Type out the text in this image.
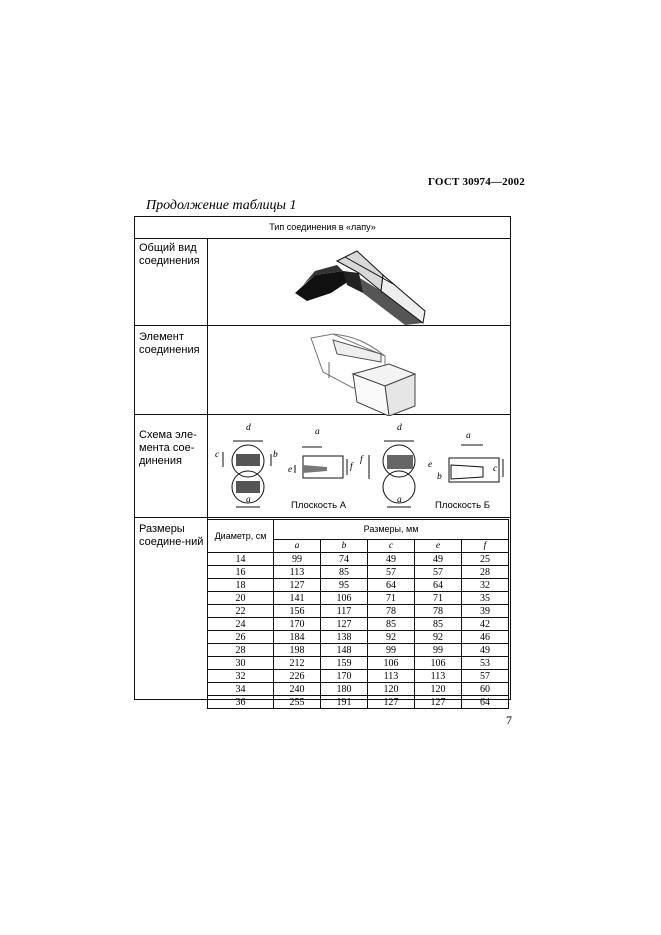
ГОСТ 30974—2002
Продолжение таблицы 1
Тип соединения в «лапу»
Общий вид соединения
Элемент соединения
Схема эле-мента сое-динения
d
c	b
a
a
e	f
d
f	e
a
a
b
c
Плоскость А	Плоскость Б
Размеры соедине-ний
Диаметр, см	Размеры, мм				
	a	b	c	e	f
14	99	74	49	49	25
16	113	85	57	57	28
18	127	95	64	64	32
20	141	106	71	71	35
22	156	117	78	78	39
24	170	127	85	85	42
26	184	138	92	92	46
28	198	148	99	99	49
30	212	159	106	106	53
32	226	170	113	113	57
34	240	180	120	120	60
36	255	191	127	127	64
7
